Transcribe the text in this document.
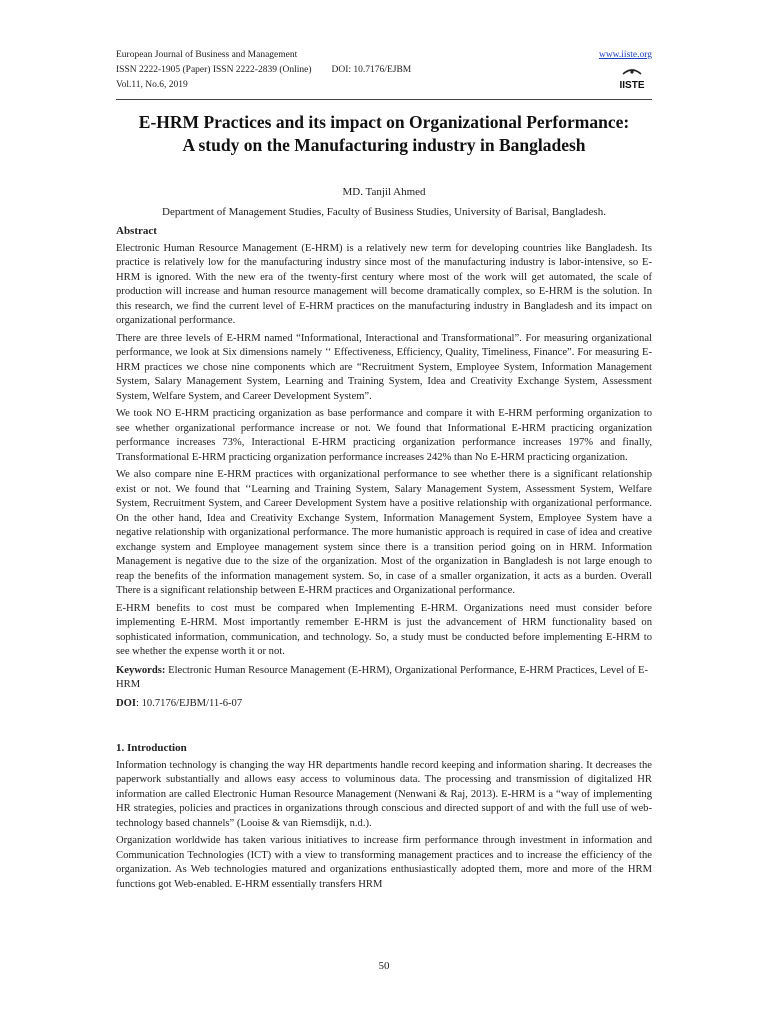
European Journal of Business and Management
ISSN 2222-1905 (Paper) ISSN 2222-2839 (Online) DOI: 10.7176/EJBM
Vol.11, No.6, 2019
www.iiste.org
IISTE
E-HRM Practices and its impact on Organizational Performance:
A study on the Manufacturing industry in Bangladesh
MD. Tanjil Ahmed
Department of Management Studies, Faculty of Business Studies, University of Barisal, Bangladesh.

Abstract

Electronic Human Resource Management (E-HRM) is a relatively new term for developing countries like Bangladesh. Its practice is relatively low for the manufacturing industry since most of the manufacturing industry is labor-intensive, so E-HRM is ignored. With the new era of the twenty-first century where most of the work will get automated, the scale of production will increase and human resource management will become dramatically complex, so E-HRM is the solution. In this research, we find the current level of E-HRM practices on the manufacturing industry in Bangladesh and its impact on organizational performance.

There are three levels of E-HRM named “Informational, Interactional and Transformational”. For measuring organizational performance, we look at Six dimensions namely ‘‘ Effectiveness, Efficiency, Quality, Timeliness, Finance”. For measuring E-HRM practices we chose nine components which are “Recruitment System, Employee System, Information Management System, Salary Management System, Learning and Training System, Idea and Creativity Exchange System, Assessment System, Welfare System, and Career Development System”.

We took NO E-HRM practicing organization as base performance and compare it with E-HRM performing organization to see whether organizational performance increase or not. We found that Informational E-HRM practicing organization performance increases 73%, Interactional E-HRM practicing organization performance increases 197% and finally, Transformational E-HRM practicing organization performance increases 242% than No E-HRM practicing organization.

We also compare nine E-HRM practices with organizational performance to see whether there is a significant relationship exist or not. We found that ‘‘Learning and Training System, Salary Management System, Assessment System, Welfare System, Recruitment System, and Career Development System have a positive relationship with organizational performance. On the other hand, Idea and Creativity Exchange System, Information Management System, Employee System have a negative relationship with organizational performance. The more humanistic approach is required in case of idea and creative exchange system and Employee management system since there is a transition period going on in HRM. Information Management is negative due to the size of the organization. Most of the organization in Bangladesh is not large enough to reap the benefits of the information management system. So, in case of a smaller organization, it acts as a burden. Overall There is a significant relationship between E-HRM practices and Organizational performance.

E-HRM benefits to cost must be compared when Implementing E-HRM. Organizations need must consider before implementing E-HRM. Most importantly remember E-HRM is just the advancement of HRM functionality based on sophisticated information, communication, and technology. So, a study must be conducted before implementing E-HRM to see whether the expense worth it or not.

Keywords: Electronic Human Resource Management (E-HRM), Organizational Performance, E-HRM Practices, Level of E-HRM

DOI: 10.7176/EJBM/11-6-07

1. Introduction

Information technology is changing the way HR departments handle record keeping and information sharing. It decreases the paperwork substantially and allows easy access to voluminous data. The processing and transmission of digitalized HR information are called Electronic Human Resource Management (Nenwani & Raj, 2013). E-HRM is a “way of implementing HR strategies, policies and practices in organizations through conscious and directed support of and with the full use of web-technology based channels” (Looise & van Riemsdijk, n.d.).

Organization worldwide has taken various initiatives to increase firm performance through investment in information and Communication Technologies (ICT) with a view to transforming management practices and to increase the efficiency of the organization. As Web technologies matured and organizations enthusiastically adopted them, more and more of the HRM functions got Web-enabled. E-HRM essentially transfers HRM

50
